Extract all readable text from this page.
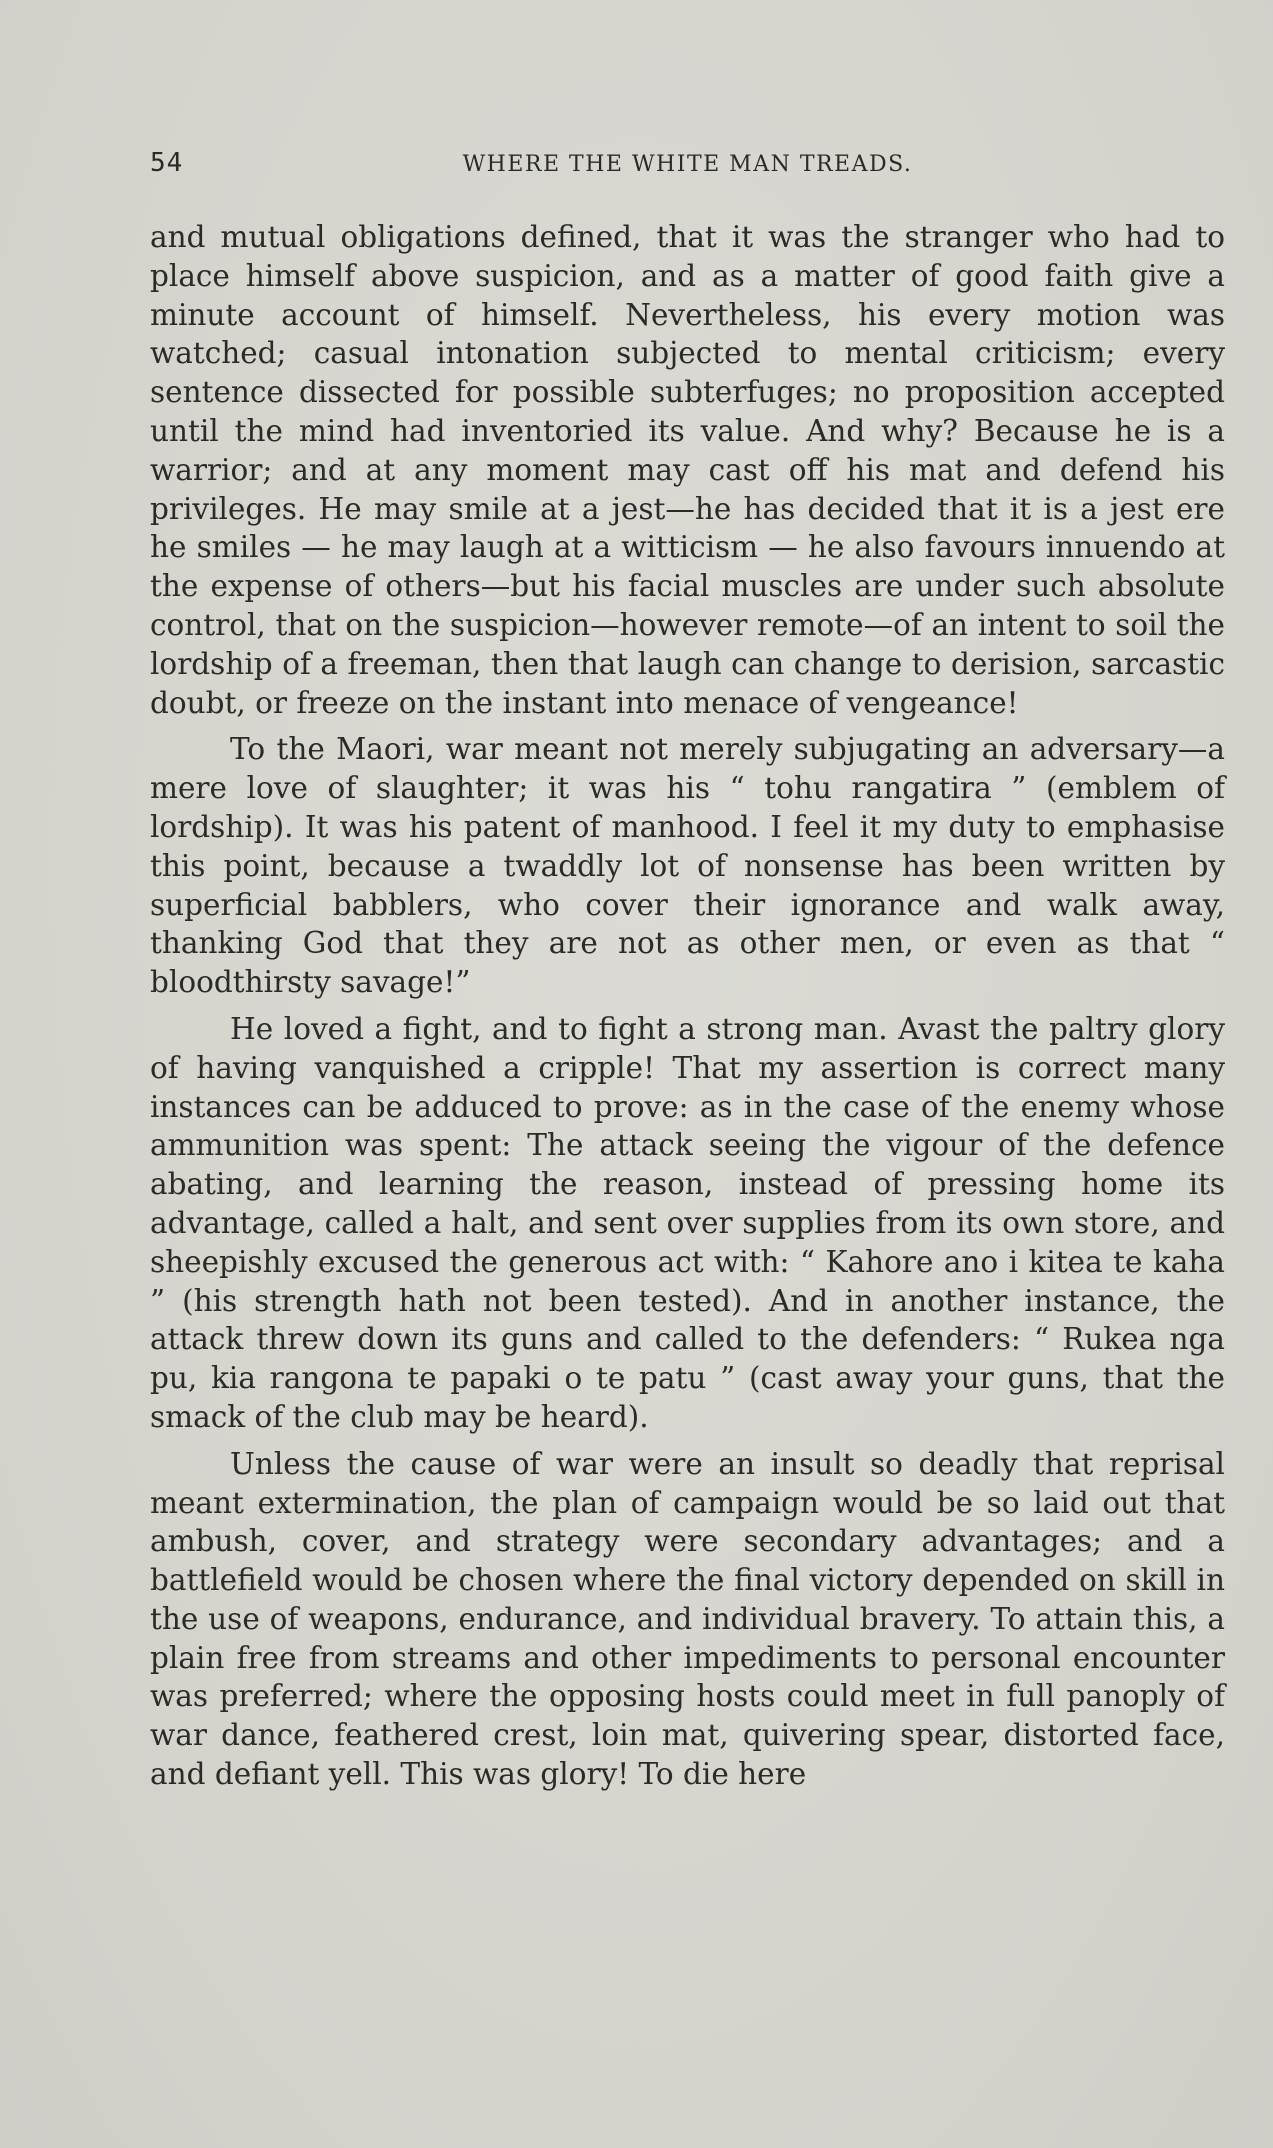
54	WHERE THE WHITE MAN TREADS.

and mutual obligations defined, that it was the stranger who had to place himself above suspicion, and as a matter of good faith give a minute account of himself. Nevertheless, his every motion was watched; casual intonation subjected to mental criticism; every sentence dissected for possible subterfuges; no proposition accepted until the mind had inventoried its value. And why? Because he is a warrior; and at any moment may cast off his mat and defend his privileges. He may smile at a jest—he has decided that it is a jest ere he smiles — he may laugh at a witticism — he also favours innuendo at the expense of others—but his facial muscles are under such absolute control, that on the suspicion—however remote—of an intent to soil the lordship of a freeman, then that laugh can change to derision, sarcastic doubt, or freeze on the instant into menace of vengeance!

To the Maori, war meant not merely subjugating an adversary—a mere love of slaughter; it was his “ tohu rangatira ” (emblem of lordship). It was his patent of manhood. I feel it my duty to emphasise this point, because a twaddly lot of nonsense has been written by superficial babblers, who cover their ignorance and walk away, thanking God that they are not as other men, or even as that “ bloodthirsty savage!”

He loved a fight, and to fight a strong man. Avast the paltry glory of having vanquished a cripple! That my assertion is correct many instances can be adduced to prove: as in the case of the enemy whose ammunition was spent: The attack seeing the vigour of the defence abating, and learning the reason, instead of pressing home its advantage, called a halt, and sent over supplies from its own store, and sheepishly excused the generous act with: “ Kahore ano i kitea te kaha ” (his strength hath not been tested). And in another instance, the attack threw down its guns and called to the defenders: “ Rukea nga pu, kia rangona te papaki o te patu ” (cast away your guns, that the smack of the club may be heard).

Unless the cause of war were an insult so deadly that reprisal meant extermination, the plan of campaign would be so laid out that ambush, cover, and strategy were secondary advantages; and a battlefield would be chosen where the final victory depended on skill in the use of weapons, endurance, and individual bravery. To attain this, a plain free from streams and other impediments to personal encounter was preferred; where the opposing hosts could meet in full panoply of war dance, feathered crest, loin mat, quivering spear, distorted face, and defiant yell. This was glory! To die here
